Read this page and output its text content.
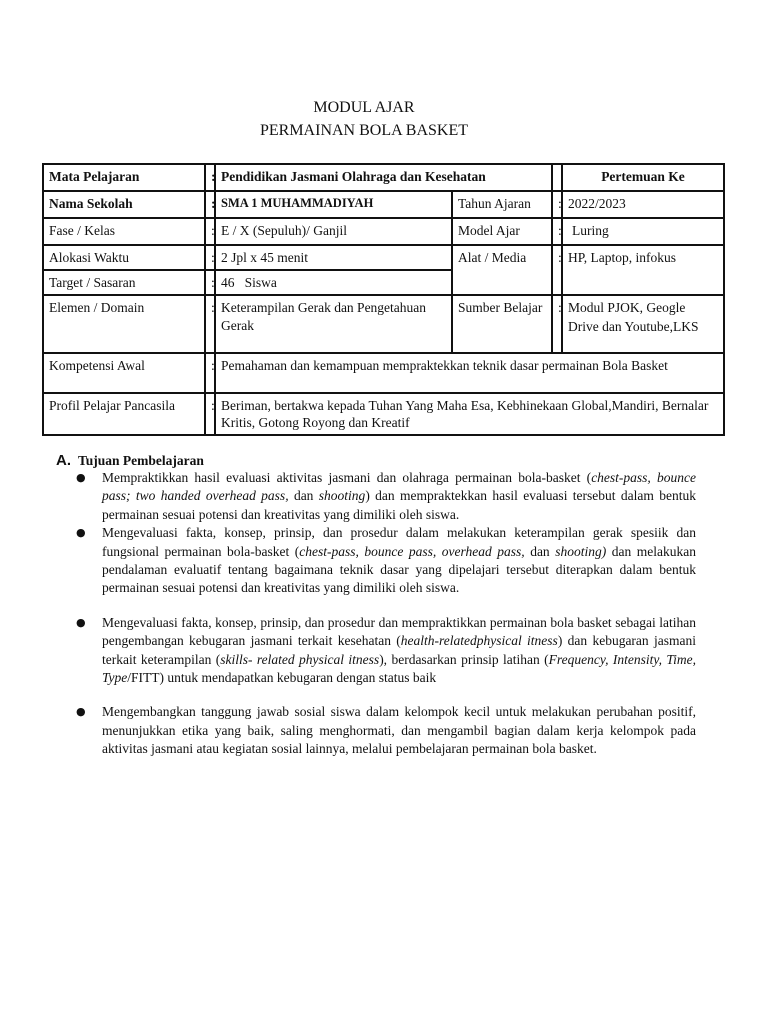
MODUL AJAR
PERMAINAN BOLA BASKET
Mata Pelajaran	:	Pendidikan Jasmani Olahraga dan Kesehatan			Pertemuan Ke
Nama Sekolah	:	SMA 1 MUHAMMADIYAH	Tahun Ajaran	:	2022/2023
Fase / Kelas	:	E / X (Sepuluh)/ Ganjil	Model Ajar	:	Luring
Alokasi Waktu	:	2 Jpl x 45 menit	Alat / Media	:	HP, Laptop, infokus
Target / Sasaran	:	46   Siswa			
Elemen / Domain	:	Keterampilan Gerak dan Pengetahuan Gerak	Sumber Belajar	:	Modul PJOK, Geogle Drive dan Youtube,LKS
Kompetensi Awal	:	Pemahaman dan kemampuan mempraktekkan teknik dasar permainan Bola Basket			
Profil Pelajar Pancasila	:	Beriman, bertakwa kepada Tuhan Yang Maha Esa, Kebhinekaan Global,Mandiri, Bernalar Kritis, Gotong Royong dan Kreatif			
A. Tujuan Pembelajaran
● Mempraktikkan hasil evaluasi aktivitas jasmani dan olahraga permainan bola-basket (chest-pass, bounce pass; two handed overhead pass, dan shooting) dan mempraktekkan hasil evaluasi tersebut dalam bentuk permainan sesuai potensi dan kreativitas yang dimiliki oleh siswa.
● Mengevaluasi fakta, konsep, prinsip, dan prosedur dalam melakukan keterampilan gerak spesiik dan fungsional permainan bola-basket (chest-pass, bounce pass, overhead pass, dan shooting) dan melakukan pendalaman evaluatif tentang bagaimana teknik dasar yang dipelajari tersebut diterapkan dalam bentuk permainan sesuai potensi dan kreativitas yang dimiliki oleh siswa.
● Mengevaluasi fakta, konsep, prinsip, dan prosedur dan mempraktikkan permainan bola basket sebagai latihan pengembangan kebugaran jasmani terkait kesehatan (health-relatedphysical itness) dan kebugaran jasmani terkait keterampilan (skills- related physical itness), berdasarkan prinsip latihan (Frequency, Intensity, Time, Type/FITT) untuk mendapatkan kebugaran dengan status baik
● Mengembangkan tanggung jawab sosial siswa dalam kelompok kecil untuk melakukan perubahan positif, menunjukkan etika yang baik, saling menghormati, dan mengambil bagian dalam kerja kelompok pada aktivitas jasmani atau kegiatan sosial lainnya, melalui pembelajaran permainan bola basket.
